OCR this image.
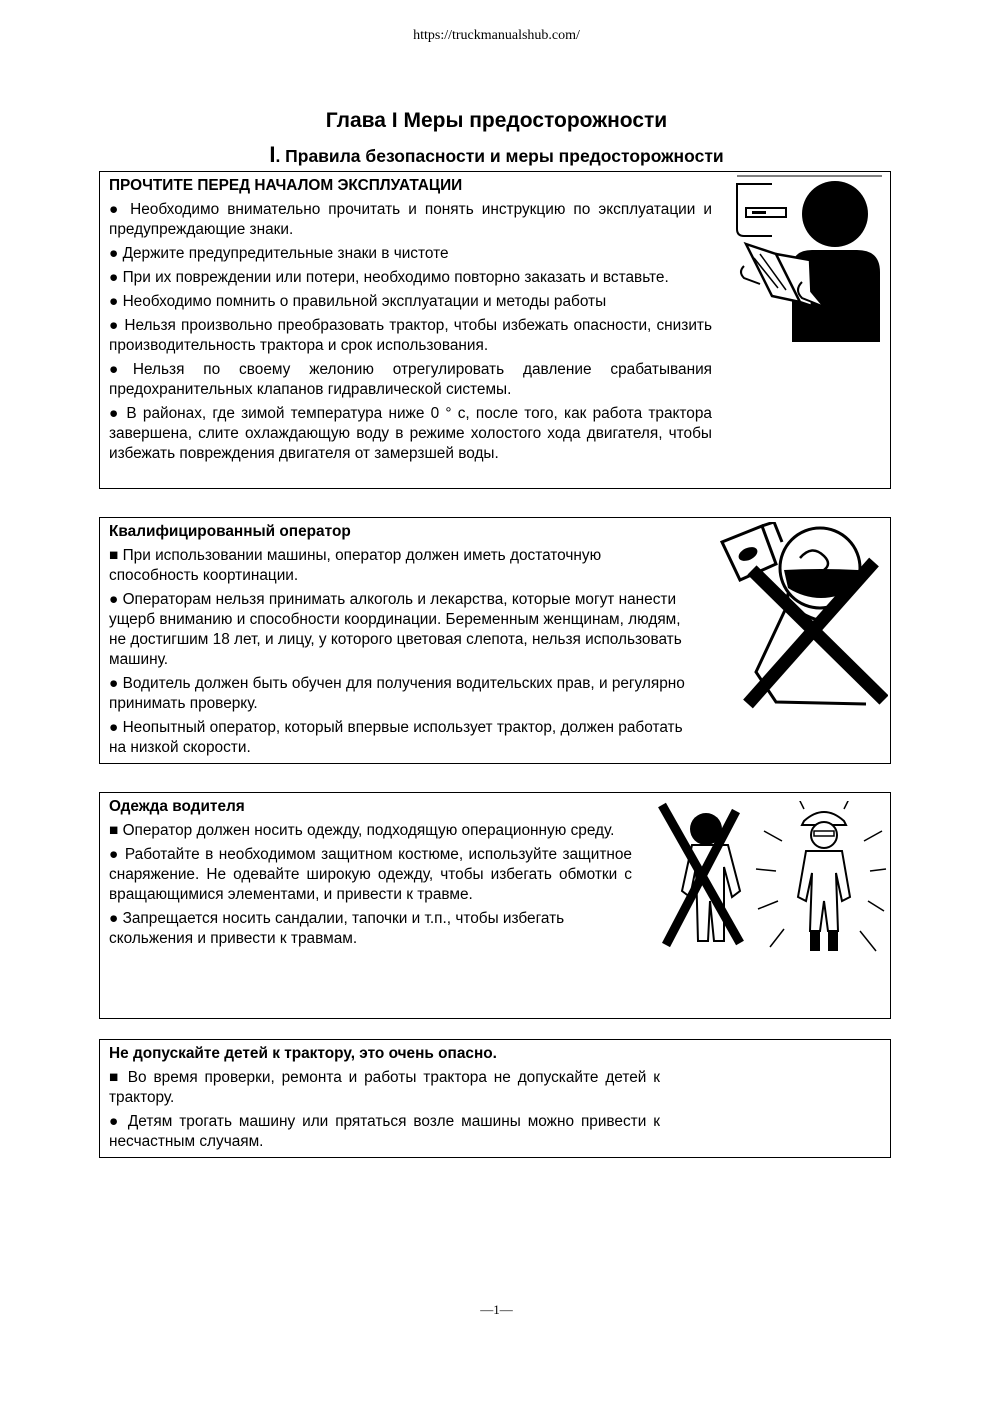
https://truckmanualshub.com/
Глава I Меры предосторожности
I. Правила безопасности и меры предосторожности
ПРОЧТИТЕ ПЕРЕД НАЧАЛОМ ЭКСПЛУАТАЦИИ
● Необходимо внимательно прочитать и понять инструкцию по эксплуатации и предупреждающие знаки.
● Держите предупредительные знаки в чистоте
● При их повреждении или потери, необходимо повторно заказать и вставьте.
● Необходимо помнить о правильной эксплуатации и методы работы
● Нельзя произвольно преобразовать трактор, чтобы избежать опасности, снизить производительность трактора и срок использования.
●Нельзя по своему желонию отрегулировать давление срабатывания предохранительных клапанов гидравлической системы.
● В районах, где зимой температура ниже 0 ° с, после того, как работа трактора завершена, слите охлаждающую воду в режиме холостого хода двигателя, чтобы избежать повреждения двигателя от замерзшей воды.
Квалифицированный оператор
■ При использовании машины, оператор должен иметь достаточную способность коортинации.
● Операторам нельзя принимать алкоголь и лекарства, которые могут нанести ущерб вниманию и способности координации. Беременным женщинам, людям, не достигшим 18 лет, и лицу, у которого цветовая слепота, нельзя использовать машину.
● Водитель должен быть обучен для получения водительских прав, и регулярно принимать проверку.
● Неопытный оператор, который впервые использует трактор, должен работать на низкой скорости.
Одежда водителя
■ Оператор должен носить одежду, подходящую операционную среду.
● Работайте в необходимом защитном костюме, используйте защитное снаряжение. Не одевайте широкую одежду, чтобы избегать обмотки с вращающимися элементами, и привести к травме.
● Запрещается носить сандалии, тапочки и т.п., чтобы избегать скольжения и привести к травмам.
Не допускайте детей к трактору, это очень опасно.
■ Во время проверки, ремонта и работы трактора не допускайте детей к трактору.
● Детям трогать машину или прятаться возле машины можно привести к несчастным случаям.
—1—
